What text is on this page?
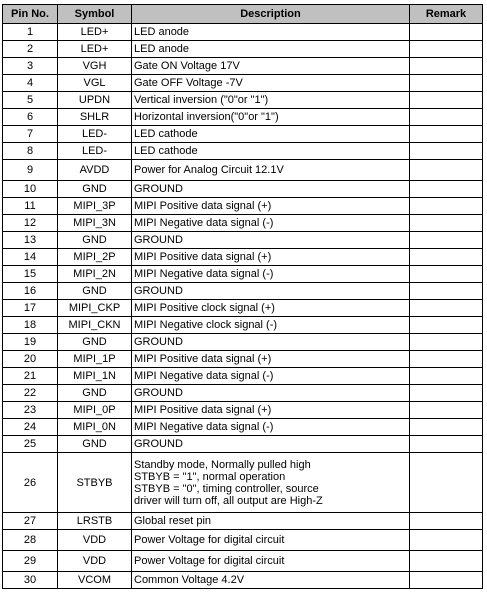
Pin No.	Symbol	Description	Remark
1	LED+	LED anode	
2	LED+	LED anode	
3	VGH	Gate ON Voltage 17V	
4	VGL	Gate OFF Voltage -7V	
5	UPDN	Vertical inversion ("0"or "1")	
6	SHLR	Horizontal inversion("0"or "1")	
7	LED-	LED cathode	
8	LED-	LED cathode	
9	AVDD	Power for Analog Circuit 12.1V	
10	GND	GROUND	
11	MIPI_3P	MIPI Positive data signal (+)	
12	MIPI_3N	MIPI Negative data signal (-)	
13	GND	GROUND	
14	MIPI_2P	MIPI Positive data signal (+)	
15	MIPI_2N	MIPI Negative data signal (-)	
16	GND	GROUND	
17	MIPI_CKP	MIPI Positive clock signal (+)	
18	MIPI_CKN	MIPI Negative clock signal (-)	
19	GND	GROUND	
20	MIPI_1P	MIPI Positive data signal (+)	
21	MIPI_1N	MIPI Negative data signal (-)	
22	GND	GROUND	
23	MIPI_0P	MIPI Positive data signal (+)	
24	MIPI_0N	MIPI Negative data signal (-)	
25	GND	GROUND	
26	STBYB	Standby mode, Normally pulled high
STBYB = "1", normal operation
STBYB = "0", timing controller, source
driver will turn off, all output are High-Z	
27	LRSTB	Global reset pin	
28	VDD	Power Voltage for digital circuit	
29	VDD	Power Voltage for digital circuit	
30	VCOM	Common Voltage 4.2V	
